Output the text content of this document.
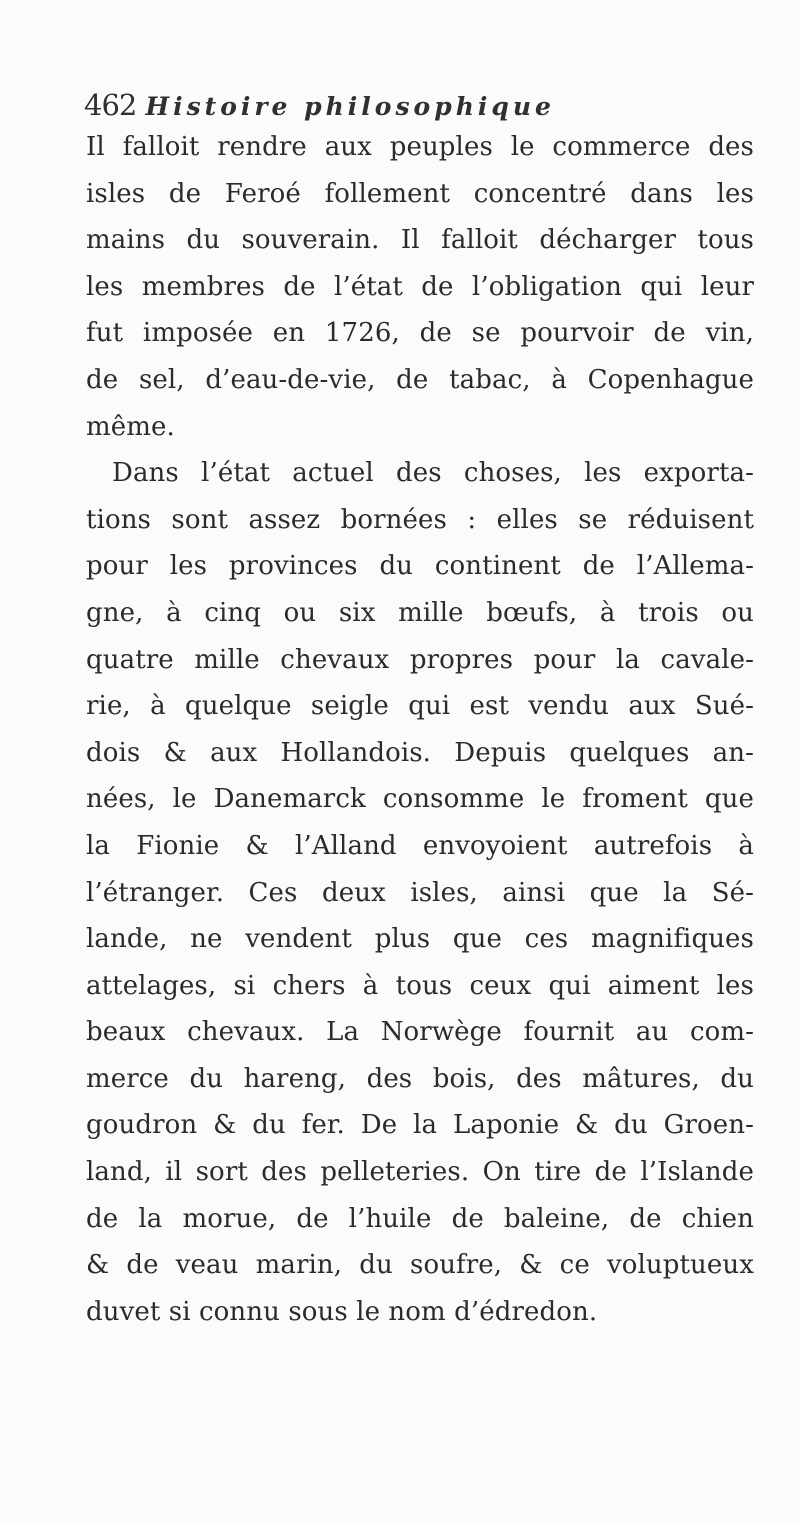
462 Histoire philosophique
Il falloit rendre aux peuples le commerce des
isles de Feroé follement concentré dans les
mains du souverain. Il falloit décharger tous
les membres de l’état de l’obligation qui leur
fut imposée en 1726, de se pourvoir de vin,
de sel, d’eau-de-vie, de tabac, à Copenhague
même.
Dans l’état actuel des choses, les exporta-
tions sont assez bornées : elles se réduisent
pour les provinces du continent de l’Allema-
gne, à cinq ou six mille bœufs, à trois ou
quatre mille chevaux propres pour la cavale-
rie, à quelque seigle qui est vendu aux Sué-
dois & aux Hollandois. Depuis quelques an-
nées, le Danemarck consomme le froment que
la Fionie & l’Alland envoyoient autrefois à
l’étranger. Ces deux isles, ainsi que la Sé-
lande, ne vendent plus que ces magnifiques
attelages, si chers à tous ceux qui aiment les
beaux chevaux. La Norwège fournit au com-
merce du hareng, des bois, des mâtures, du
goudron & du fer. De la Laponie & du Groen-
land, il sort des pelleteries. On tire de l’Islande
de la morue, de l’huile de baleine, de chien
& de veau marin, du soufre, & ce voluptueux
duvet si connu sous le nom d’édredon.
